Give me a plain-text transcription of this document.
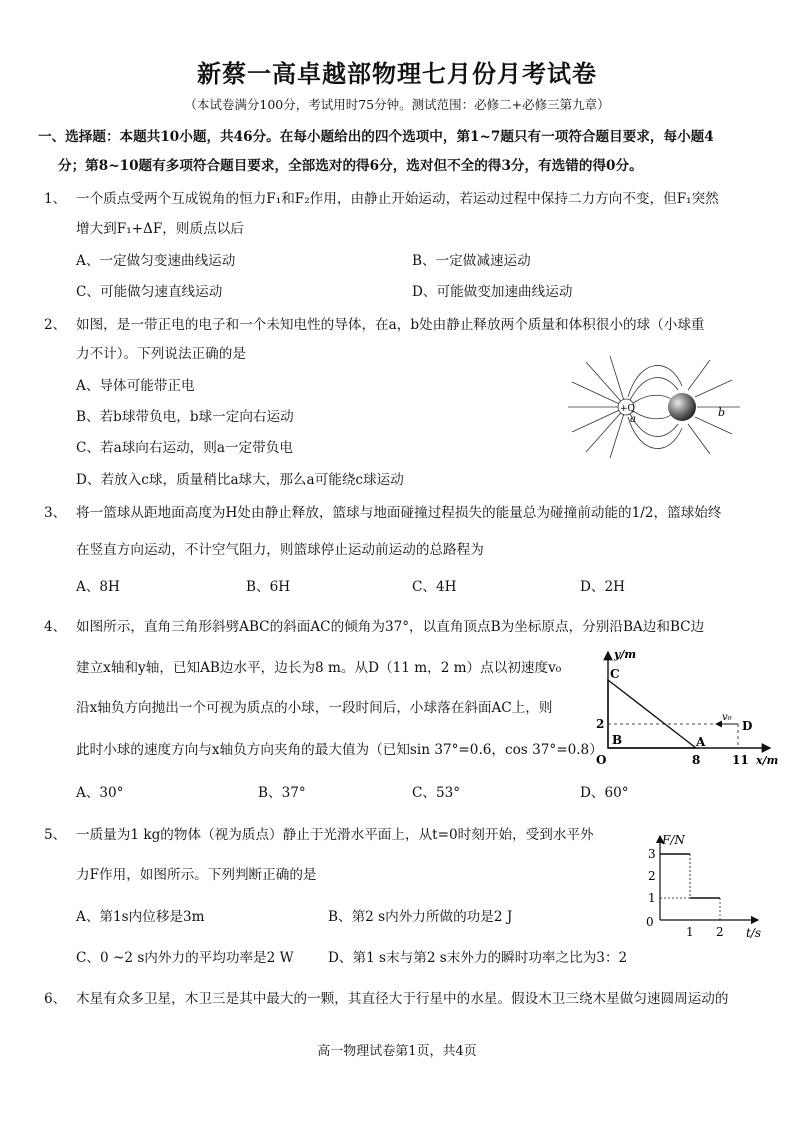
新蔡一高卓越部物理七月份月考试卷
（本试卷满分100分，考试用时75分钟。测试范围：必修二+必修三第九章）
一、选择题：本题共10小题，共46分。在每小题给出的四个选项中，第1~7题只有一项符合题目要求，每小题4
分；第8~10题有多项符合题目要求，全部选对的得6分，选对但不全的得3分，有选错的得0分。
1、 一个质点受两个互成锐角的恒力F₁和F₂作用，由静止开始运动，若运动过程中保持二力方向不变，但F₁突然
增大到F₁+ΔF，则质点以后
A、一定做匀变速曲线运动	B、一定做减速运动
C、可能做匀速直线运动	D、可能做变加速曲线运动
2、 如图，是一带正电的电子和一个未知电性的导体，在a，b处由静止释放两个质量和体积很小的球（小球重
力不计）。下列说法正确的是
A、导体可能带正电
B、若b球带负电，b球一定向右运动
C、若a球向右运动，则a一定带负电
D、若放入c球，质量稍比a球大，那么a可能绕c球运动
+Q
a
b
3、 将一篮球从距地面高度为H处由静止释放，篮球与地面碰撞过程损失的能量总为碰撞前动能的1/2，篮球始终
在竖直方向运动，不计空气阻力，则篮球停止运动前运动的总路程为
A、8H	B、6H	C、4H	D、2H
4、 如图所示，直角三角形斜劈ABC的斜面AC的倾角为37°，以直角顶点B为坐标原点，分别沿BA边和BC边
建立x轴和y轴，已知AB边水平，边长为8 m。从D（11 m，2 m）点以初速度v₀
沿x轴负方向抛出一个可视为质点的小球，一段时间后，小球落在斜面AC上，则
此时小球的速度方向与x轴负方向夹角的最大值为（已知sin 37°=0.6，cos 37°=0.8）
A、30°	B、37°	C、53°	D、60°
y/m
x/m
C
B	A
D
O
v₀
2
8	11
5、 一质量为1 kg的物体（视为质点）静止于光滑水平面上，从t=0时刻开始，受到水平外
力F作用，如图所示。下列判断正确的是
A、第1s内位移是3m	B、第2 s内外力所做的功是2 J
C、0 ~2 s内外力的平均功率是2 W	D、第1 s末与第2 s末外力的瞬时功率之比为3：2
F/N
t/s
1
2
3
0
1 2
6、 木星有众多卫星，木卫三是其中最大的一颗，其直径大于行星中的水星。假设木卫三绕木星做匀速圆周运动的
高一物理试卷第1页，共4页
